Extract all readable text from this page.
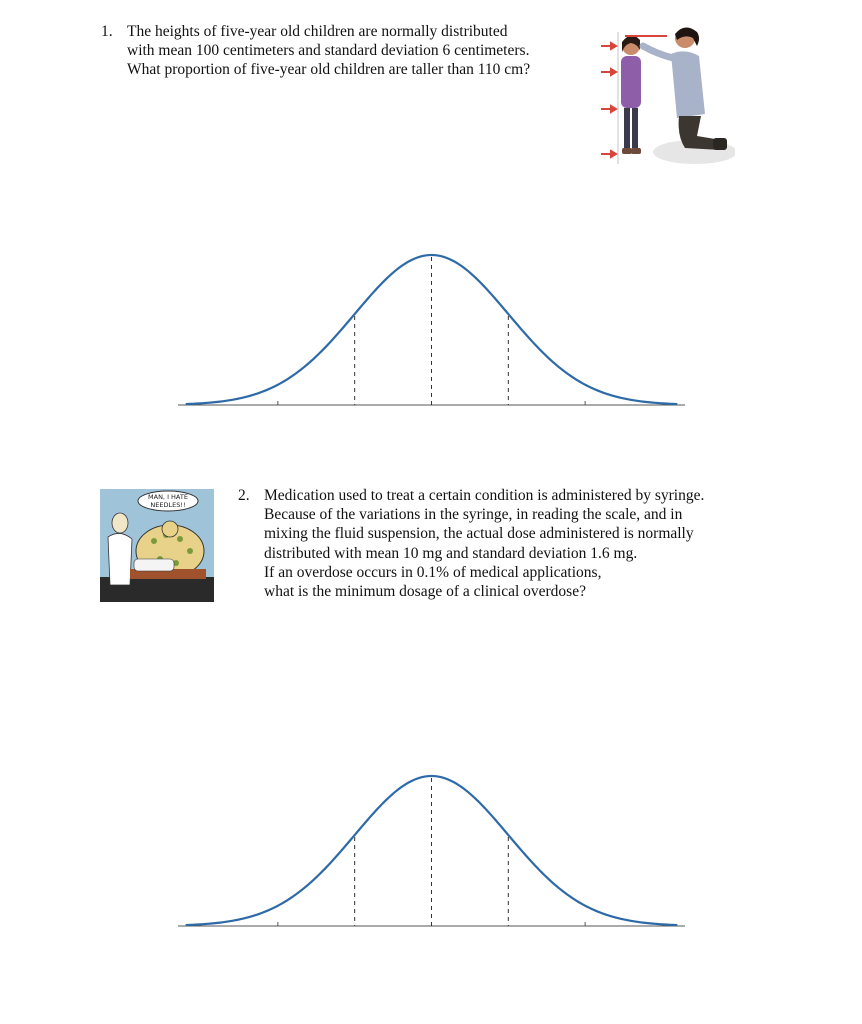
1. The heights of five-year old children are normally distributed
with mean 100 centimeters and standard deviation 6 centimeters.
What proportion of five-year old children are taller than 110 cm?
MAN, I HATE
NEEDLES!!
2. Medication used to treat a certain condition is administered by syringe.
Because of the variations in the syringe, in reading the scale, and in
mixing the fluid suspension, the actual dose administered is normally
distributed with mean 10 mg and standard deviation 1.6 mg.
If an overdose occurs in 0.1% of medical applications,
what is the minimum dosage of a clinical overdose?
